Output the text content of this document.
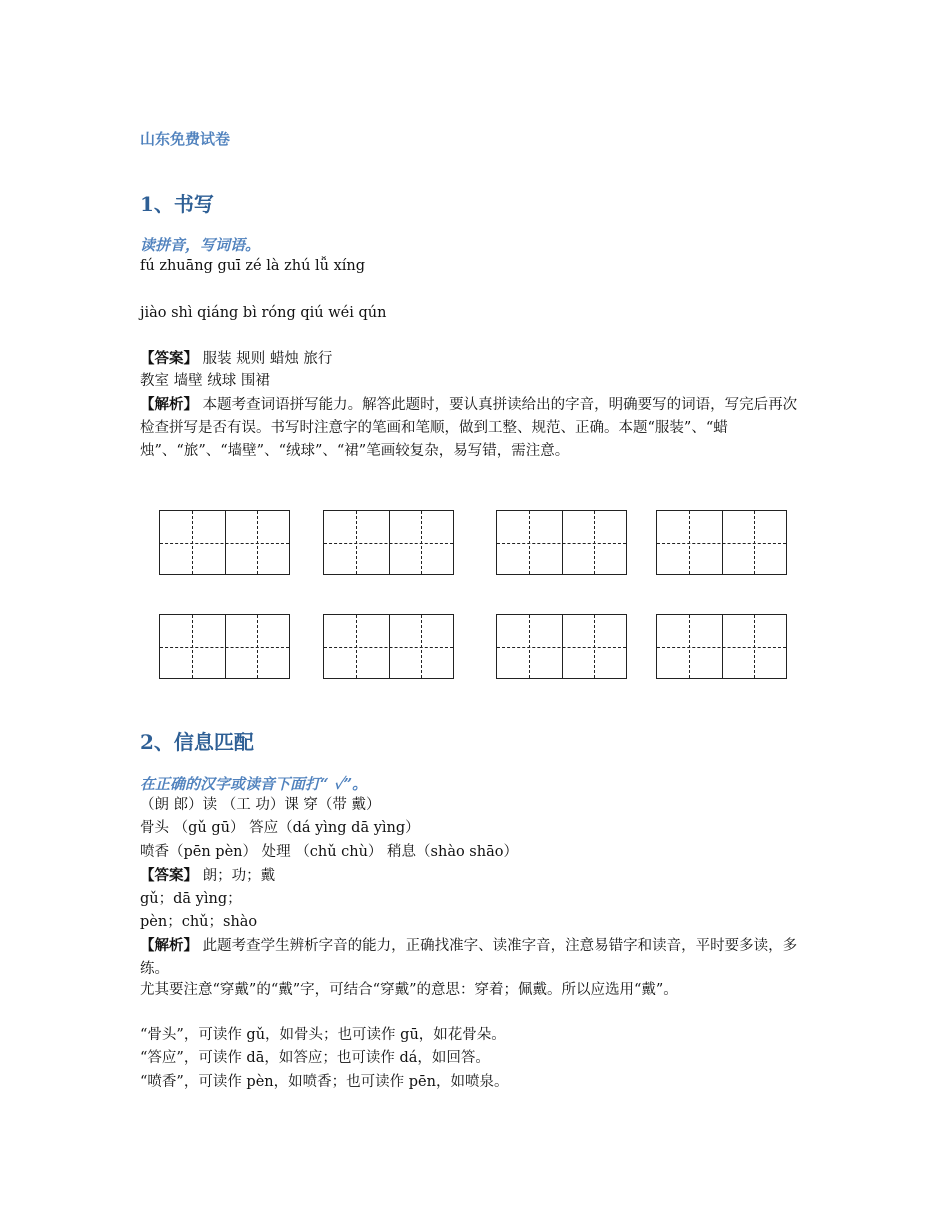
山东免费试卷
1、书写
读拼音，写词语。
fú zhuāng guī zé là zhú lǚ xíng
jiào shì qiáng bì róng qiú wéi qún
【答案】 服装 规则 蜡烛 旅行
教室 墙壁 绒球 围裙
【解析】 本题考查词语拼写能力。解答此题时，要认真拼读给出的字音，明确要写的词语，写完后再次检查拼写是否有误。书写时注意字的笔画和笔顺，做到工整、规范、正确。本题“服装”、“蜡烛”、“旅”、“墙壁”、“绒球”、“裙”笔画较复杂，易写错，需注意。
2、信息匹配
在正确的汉字或读音下面打“ ✓”。
（朗 郎）读 （工 功）课 穿（带 戴）
骨头 （gǔ gū） 答应（dá yìng dā yìng）
喷香（pēn pèn） 处理 （chǔ chù） 稍息（shào shāo）
【答案】 朗；功；戴
gǔ；dā yìng；
pèn；chǔ；shào
【解析】 此题考查学生辨析字音的能力，正确找准字、读准字音，注意易错字和读音，平时要多读，多练。
尤其要注意“穿戴”的“戴”字，可结合“穿戴”的意思：穿着；佩戴。所以应选用“戴”。
“骨头”，可读作 gǔ，如骨头；也可读作 gū，如花骨朵。
“答应”，可读作 dā，如答应；也可读作 dá，如回答。
“喷香”，可读作 pèn，如喷香；也可读作 pēn，如喷泉。
